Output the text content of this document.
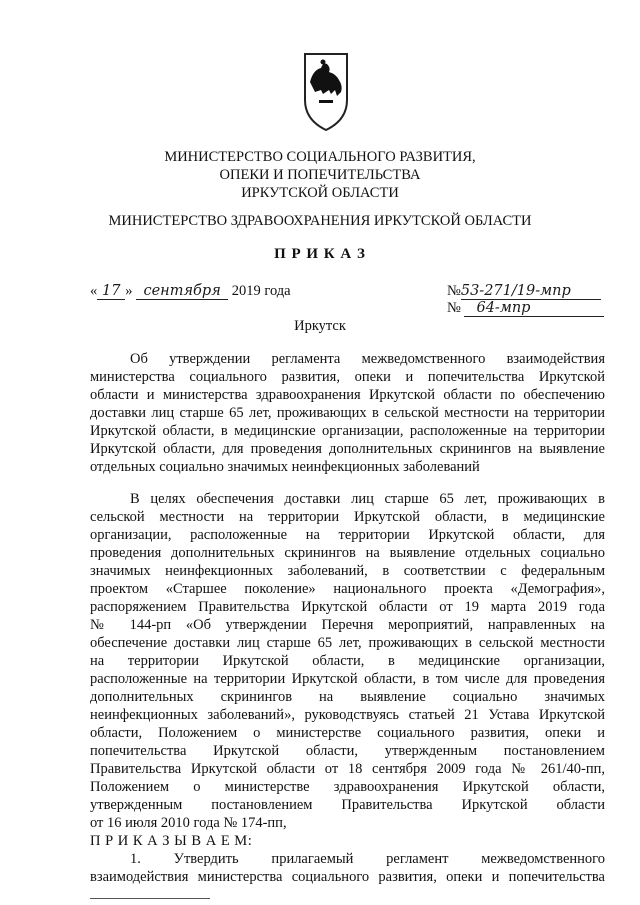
МИНИСТЕРСТВО СОЦИАЛЬНОГО РАЗВИТИЯ,
ОПЕКИ И ПОПЕЧИТЕЛЬСТВА
ИРКУТСКОЙ ОБЛАСТИ
МИНИСТЕРСТВО ЗДРАВООХРАНЕНИЯ ИРКУТСКОЙ ОБЛАСТИ
П Р И К А З
« 17 » сентября 2019 года	№53-271/19-мпр
№ 64-мпр
Иркутск
Об утверждении регламента межведомственного взаимодействия
министерства социального развития, опеки и попечительства Иркутской
области и министерства здравоохранения Иркутской области по обеспечению
доставки лиц старше 65 лет, проживающих в сельской местности на территории
Иркутской области, в медицинские организации, расположенные на территории
Иркутской области, для проведения дополнительных скринингов на выявление
отдельных социально значимых неинфекционных заболеваний
В целях обеспечения доставки лиц старше 65 лет, проживающих в
сельской местности на территории Иркутской области, в медицинские
организации, расположенные на территории Иркутской области, для
проведения дополнительных скринингов на выявление отдельных социально
значимых неинфекционных заболеваний, в соответствии с федеральным
проектом «Старшее поколение» национального проекта «Демография»,
распоряжением Правительства Иркутской области от 19 марта 2019 года
№ 144-рп «Об утверждении Перечня мероприятий, направленных на
обеспечение доставки лиц старше 65 лет, проживающих в сельской местности
на территории Иркутской области, в медицинские организации,
расположенные на территории Иркутской области, в том числе для проведения
дополнительных скринингов на выявление социально значимых
неинфекционных заболеваний», руководствуясь статьей 21 Устава Иркутской
области, Положением о министерстве социального развития, опеки и
попечительства Иркутской области, утвержденным постановлением
Правительства Иркутской области от 18 сентября 2009 года № 261/40-пп,
Положением о министерстве здравоохранения Иркутской области,
утвержденным постановлением Правительства Иркутской области
от 16 июля 2010 года № 174-пп,
П Р И К А З Ы В А Е М:
1. Утвердить прилагаемый регламент межведомственного
взаимодействия министерства социального развития, опеки и попечительства
